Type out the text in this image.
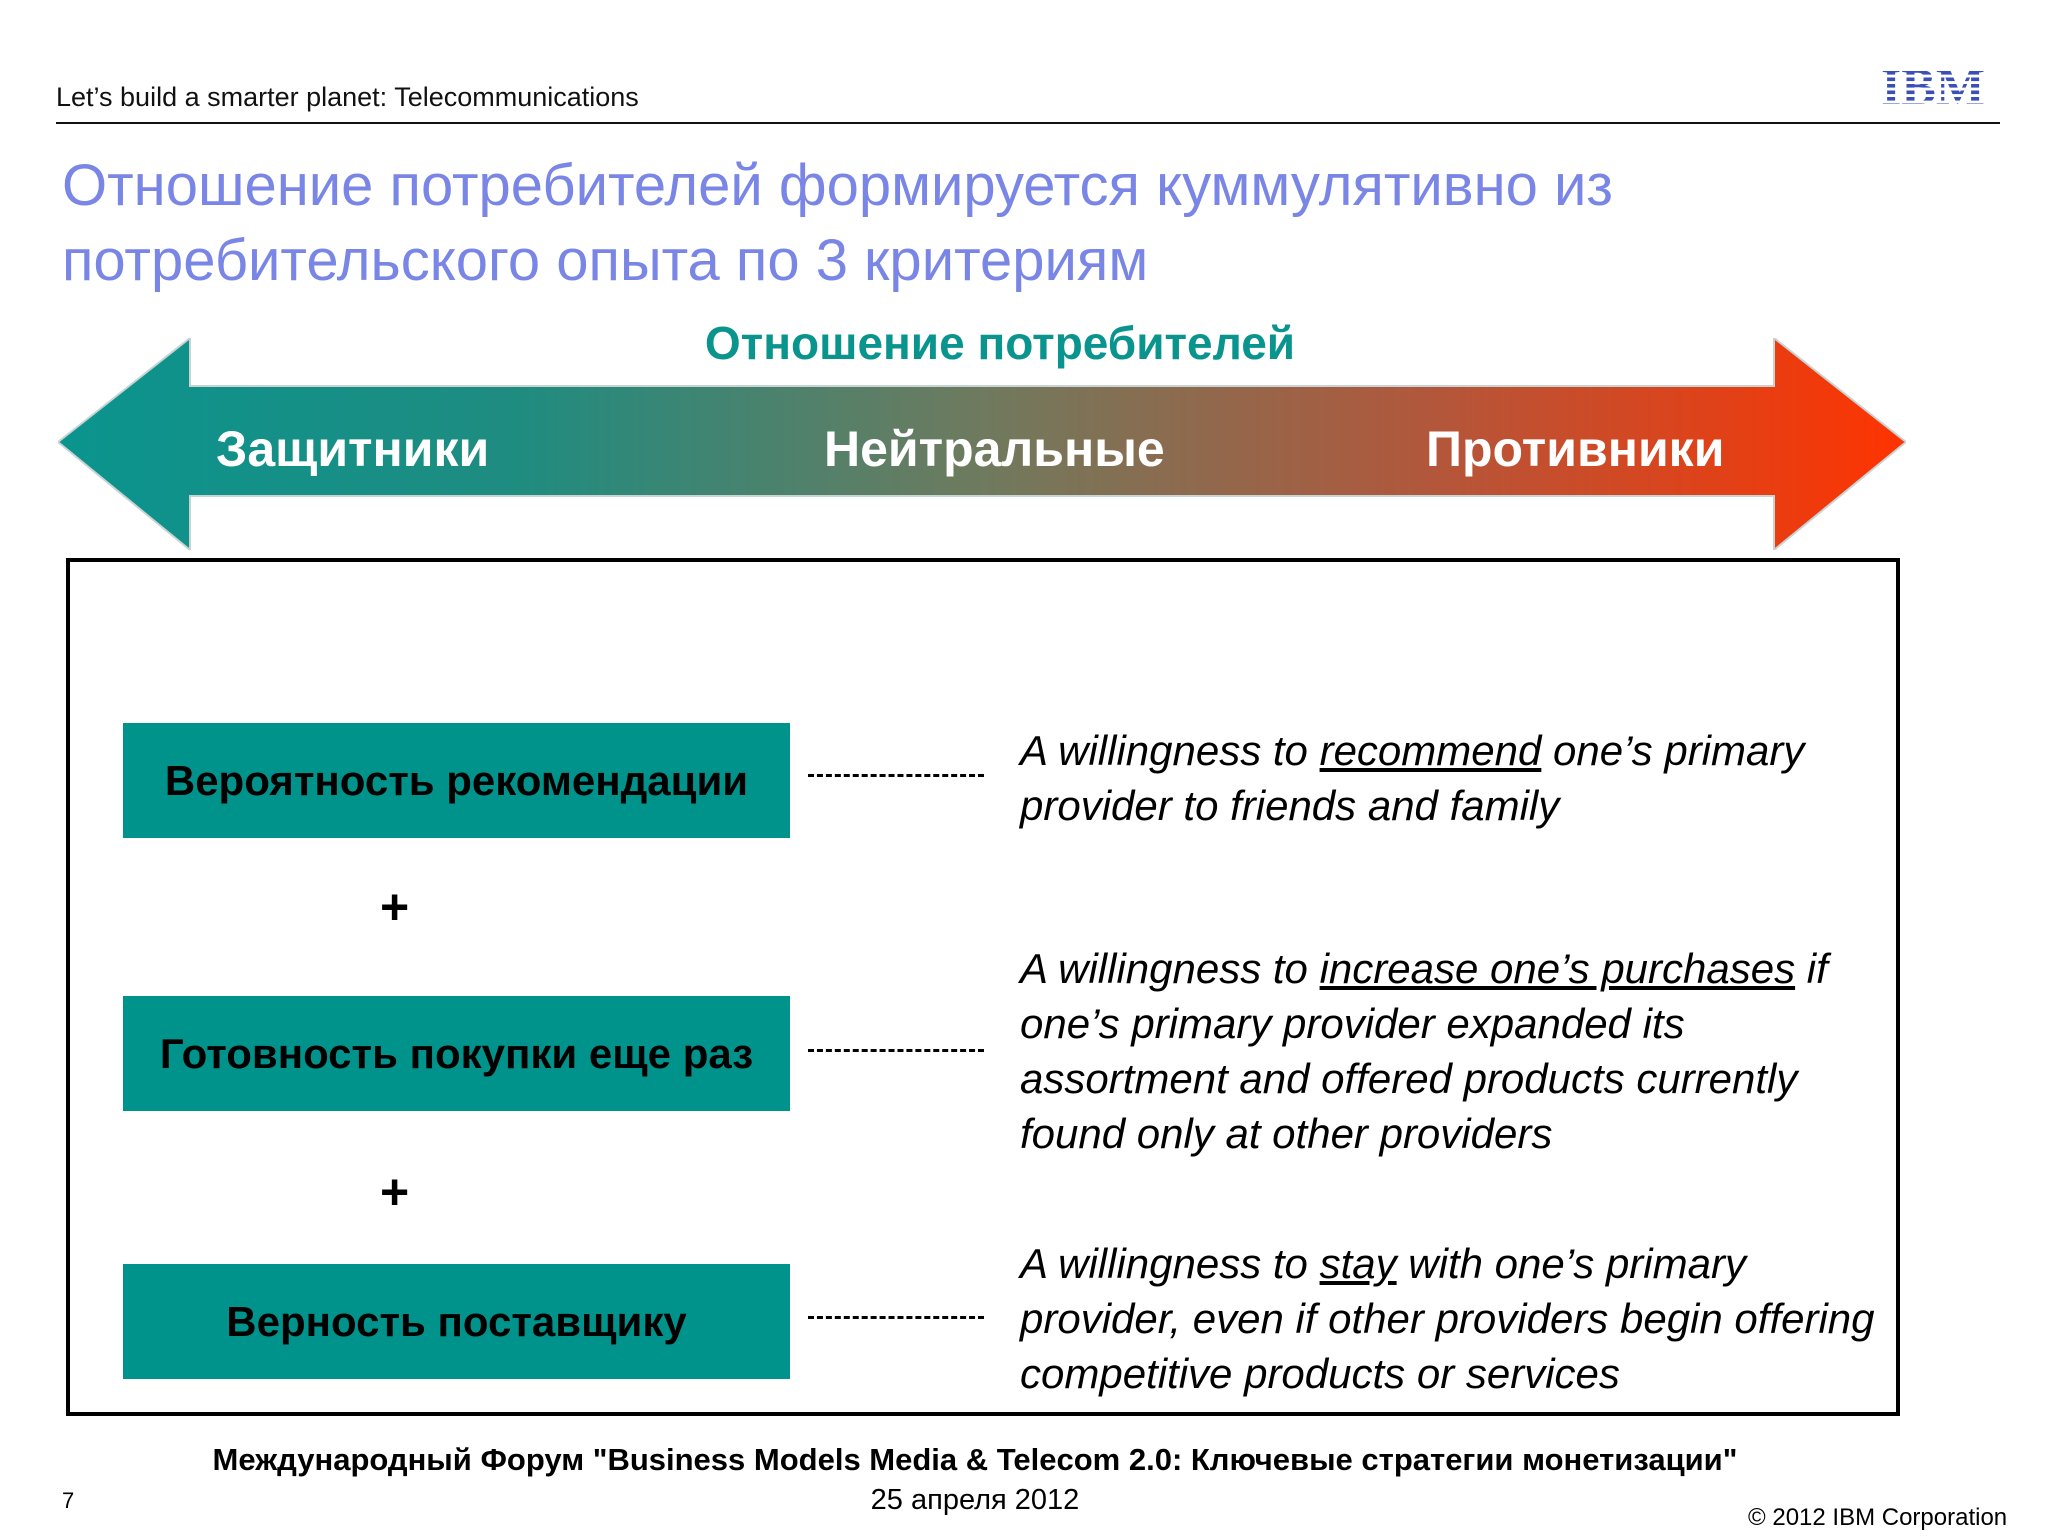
Let’s build a smarter planet: Telecommunications	IBM
Отношение потребителей формируется куммулятивно из потребительского опыта по 3 критериям
Отношение потребителей
Защитники	Нейтральные	Противники
Вероятность рекомендации
A willingness to recommend one’s primary provider to friends and family
+
Готовность покупки еще раз
A willingness to increase one’s purchases if one’s primary provider expanded its assortment and offered products currently found only at other providers
+
Верность поставщику
A willingness to stay with one’s primary provider, even if other providers begin offering competitive products or services
Международный Форум "Business Models Media & Telecom 2.0: Ключевые стратегии монетизации"
25 апреля 2012
7
© 2012 IBM Corporation
